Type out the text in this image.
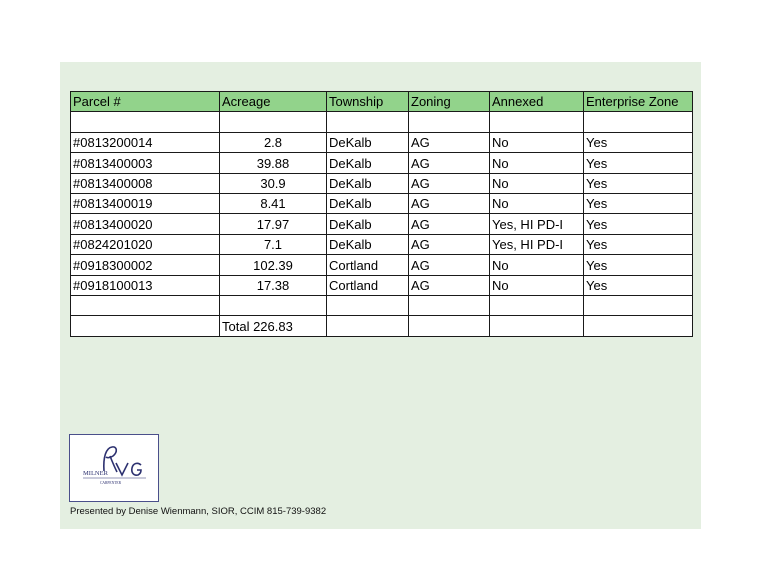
Parcel #	Acreage	Township	Zoning	Annexed	Enterprise Zone

#0813200014	2.8	DeKalb	AG	No	Yes
#0813400003	39.88	DeKalb	AG	No	Yes
#0813400008	30.9	DeKalb	AG	No	Yes
#0813400019	8.41	DeKalb	AG	No	Yes
#0813400020	17.97	DeKalb	AG	Yes, HI PD-I	Yes
#0824201020	7.1	DeKalb	AG	Yes, HI PD-I	Yes
#0918300002	102.39	Cortland	AG	No	Yes
#0918100013	17.38	Cortland	AG	No	Yes

	Total 226.83				
MILNER
CARPENTER
Presented by Denise Wienmann, SIOR, CCIM 815-739-9382
